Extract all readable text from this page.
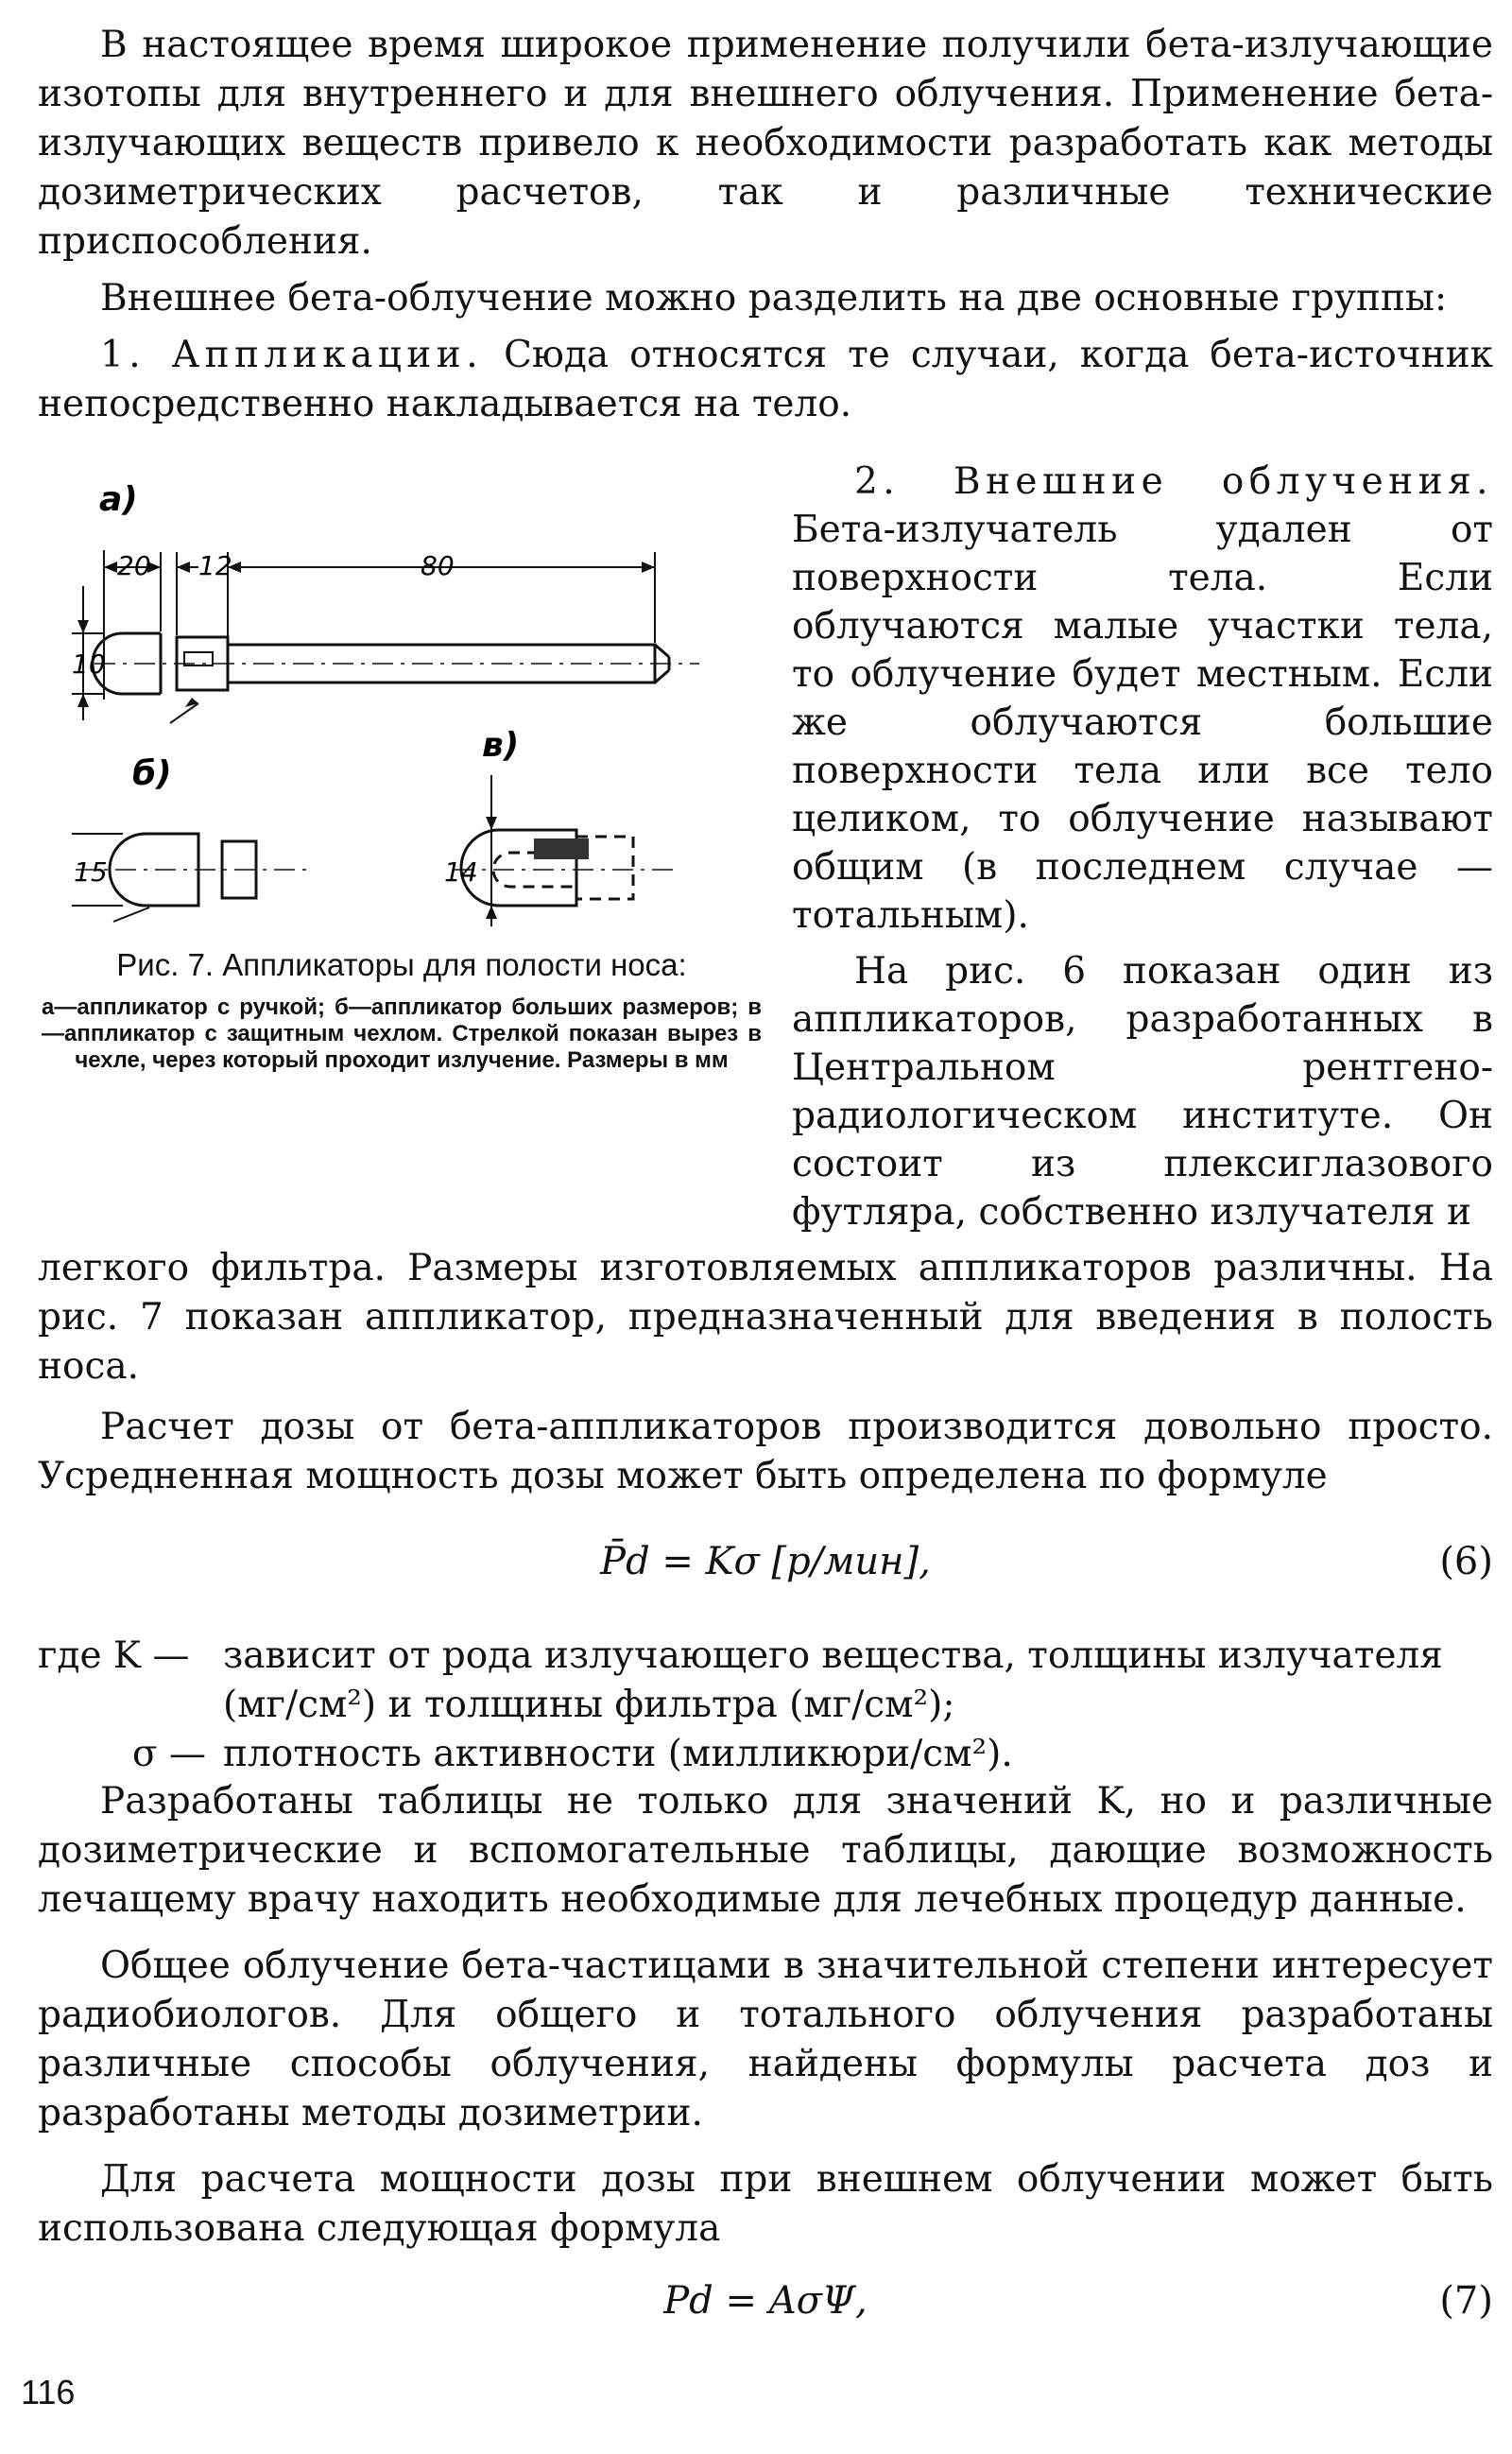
В настоящее время широкое применение получили бета-излучающие изотопы для внутреннего и для внешнего облучения. Применение бета-излучающих веществ привело к необходимости разработать как методы дозиметрических расчетов, так и различные технические приспособления.

Внешнее бета-облучение можно разделить на две основные группы:

1. Аппликации. Сюда относятся те случаи, когда бета-источник непосредственно накладывается на тело.

а)
20 12	80
10
б)
15
в)
14
Рис. 7. Аппликаторы для полости носа:
а—аппликатор с ручкой; б—аппликатор больших размеров; в—аппликатор с защитным чехлом. Стрелкой показан вырез в чехле, через который проходит излучение. Размеры в мм

2. Внешние облучения. Бета-излучатель удален от поверхности тела. Если облучаются малые участки тела, то облучение будет местным. Если же облучаются большие поверхности тела или все тело целиком, то облучение называют общим (в последнем случае — тотальным).

На рис. 6 показан один из аппликаторов, разработанных в Центральном рентгено-радиологическом институте. Он состоит из плексиглазового футляра, собственно излучателя и

легкого фильтра. Размеры изготовляемых аппликаторов различны. На рис. 7 показан аппликатор, предназначенный для введения в полость носа.

Расчет дозы от бета-аппликаторов производится довольно просто. Усредненная мощность дозы может быть определена по формуле

P̄d = Kσ [р/мин],	(6)
где K — зависит от рода излучающего вещества, толщины излучателя (мг/см²) и толщины фильтра (мг/см²);
σ — плотность активности (милликюри/см²).

Разработаны таблицы не только для значений K, но и различные дозиметрические и вспомогательные таблицы, дающие возможность лечащему врачу находить необходимые для лечебных процедур данные.

Общее облучение бета-частицами в значительной степени интересует радиобиологов. Для общего и тотального облучения разработаны различные способы облучения, найдены формулы расчета доз и разработаны методы дозиметрии.

Для расчета мощности дозы при внешнем облучении может быть использована следующая формула

Pd = AσΨ,	(7)
116
